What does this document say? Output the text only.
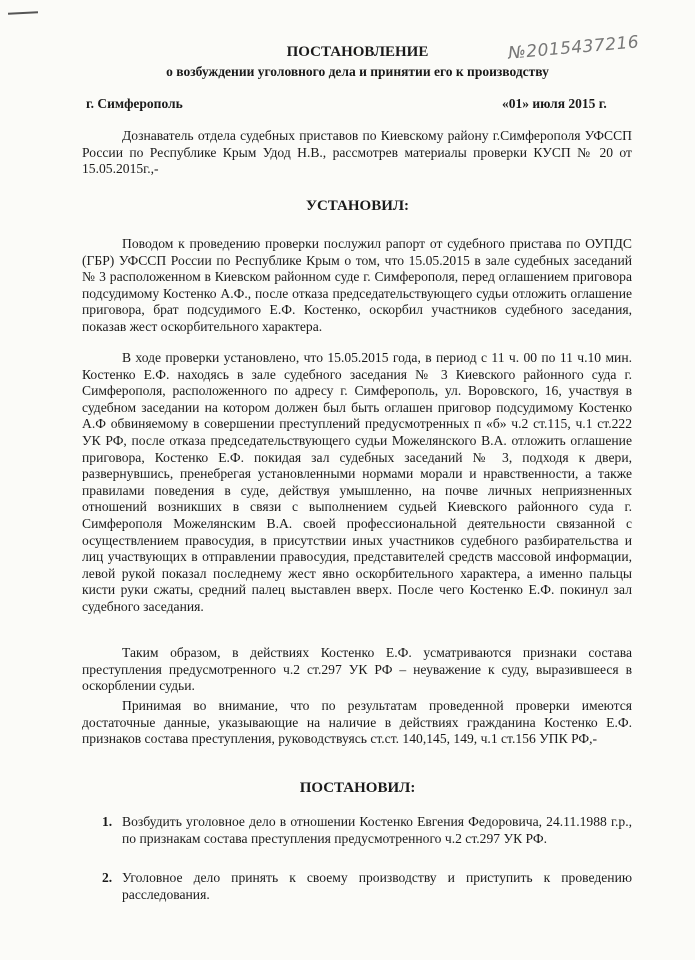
№2015437216
ПОСТАНОВЛЕНИЕ
о возбуждении уголовного дела и принятии его к производству
г. Симферополь	«01» июля 2015 г.
Дознаватель отдела судебных приставов по Киевскому району г.Симферополя УФССП России по Республике Крым Удод Н.В., рассмотрев материалы проверки КУСП № 20 от 15.05.2015г.,-
УСТАНОВИЛ:
Поводом к проведению проверки послужил рапорт от судебного пристава по ОУПДС (ГБР) УФССП России по Республике Крым о том, что 15.05.2015 в зале судебных заседаний № 3 расположенном в Киевском районном суде г. Симферополя, перед оглашением приговора подсудимому Костенко А.Ф., после отказа председательствующего судьи отложить оглашение приговора, брат подсудимого Е.Ф. Костенко, оскорбил участников судебного заседания, показав жест оскорбительного характера.
В ходе проверки установлено, что 15.05.2015 года, в период с 11 ч. 00 по 11 ч.10 мин. Костенко Е.Ф. находясь в зале судебного заседания № 3 Киевского районного суда г. Симферополя, расположенного по адресу г. Симферополь, ул. Воровского, 16, участвуя в судебном заседании на котором должен был быть оглашен приговор подсудимому Костенко А.Ф обвиняемому в совершении преступлений предусмотренных п «б» ч.2 ст.115, ч.1 ст.222 УК РФ, после отказа председательствующего судьи Можелянского В.А. отложить оглашение приговора, Костенко Е.Ф. покидая зал судебных заседаний № 3, подходя к двери, развернувшись, пренебрегая установленными нормами морали и нравственности, а также правилами поведения в суде, действуя умышленно, на почве личных неприязненных отношений возникших в связи с выполнением судьей Киевского районного суда г. Симферополя Можелянским В.А. своей профессиональной деятельности связанной с осуществлением правосудия, в присутствии иных участников судебного разбирательства и лиц участвующих в отправлении правосудия, представителей средств массовой информации, левой рукой показал последнему жест явно оскорбительного характера, а именно пальцы кисти руки сжаты, средний палец выставлен вверх. После чего Костенко Е.Ф. покинул зал судебного заседания.
Таким образом, в действиях Костенко Е.Ф. усматриваются признаки состава преступления предусмотренного ч.2 ст.297 УК РФ – неуважение к суду, выразившееся в оскорблении судьи.
Принимая во внимание, что по результатам проведенной проверки имеются достаточные данные, указывающие на наличие в действиях гражданина Костенко Е.Ф. признаков состава преступления, руководствуясь ст.ст. 140,145, 149, ч.1 ст.156 УПК РФ,-
ПОСТАНОВИЛ:
1. Возбудить уголовное дело в отношении Костенко Евгения Федоровича, 24.11.1988 г.р., по признакам состава преступления предусмотренного ч.2 ст.297 УК РФ.
2. Уголовное дело принять к своему производству и приступить к проведению расследования.
